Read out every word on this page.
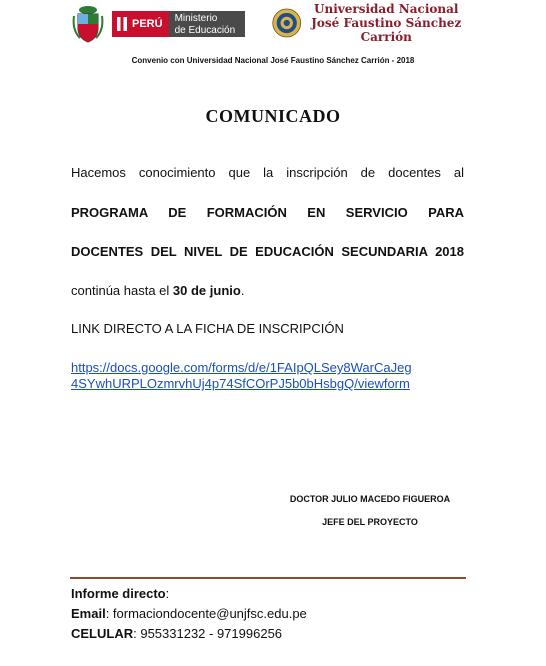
PERÚ	Ministerio
de Educación
Universidad Nacional
José Faustino Sánchez Carrión
Convenio con Universidad Nacional José Faustino Sánchez Carrión - 2018
COMUNICADO
Hacemos conocimiento que la inscripción de docentes al
PROGRAMA DE FORMACIÓN EN SERVICIO PARA
DOCENTES DEL NIVEL DE EDUCACIÓN SECUNDARIA 2018
continúa hasta el 30 de junio.
LINK DIRECTO A LA FICHA DE INSCRIPCIÓN
https://docs.google.com/forms/d/e/1FAIpQLSey8WarCaJeg
4SYwhURPLOzmrvhUj4p74SfCOrPJ5b0bHsbgQ/viewform
DOCTOR JULIO MACEDO FIGUEROA
JEFE DEL PROYECTO
Informe directo:
Email: formaciondocente@unjfsc.edu.pe
CELULAR: 955331232 - 971996256
